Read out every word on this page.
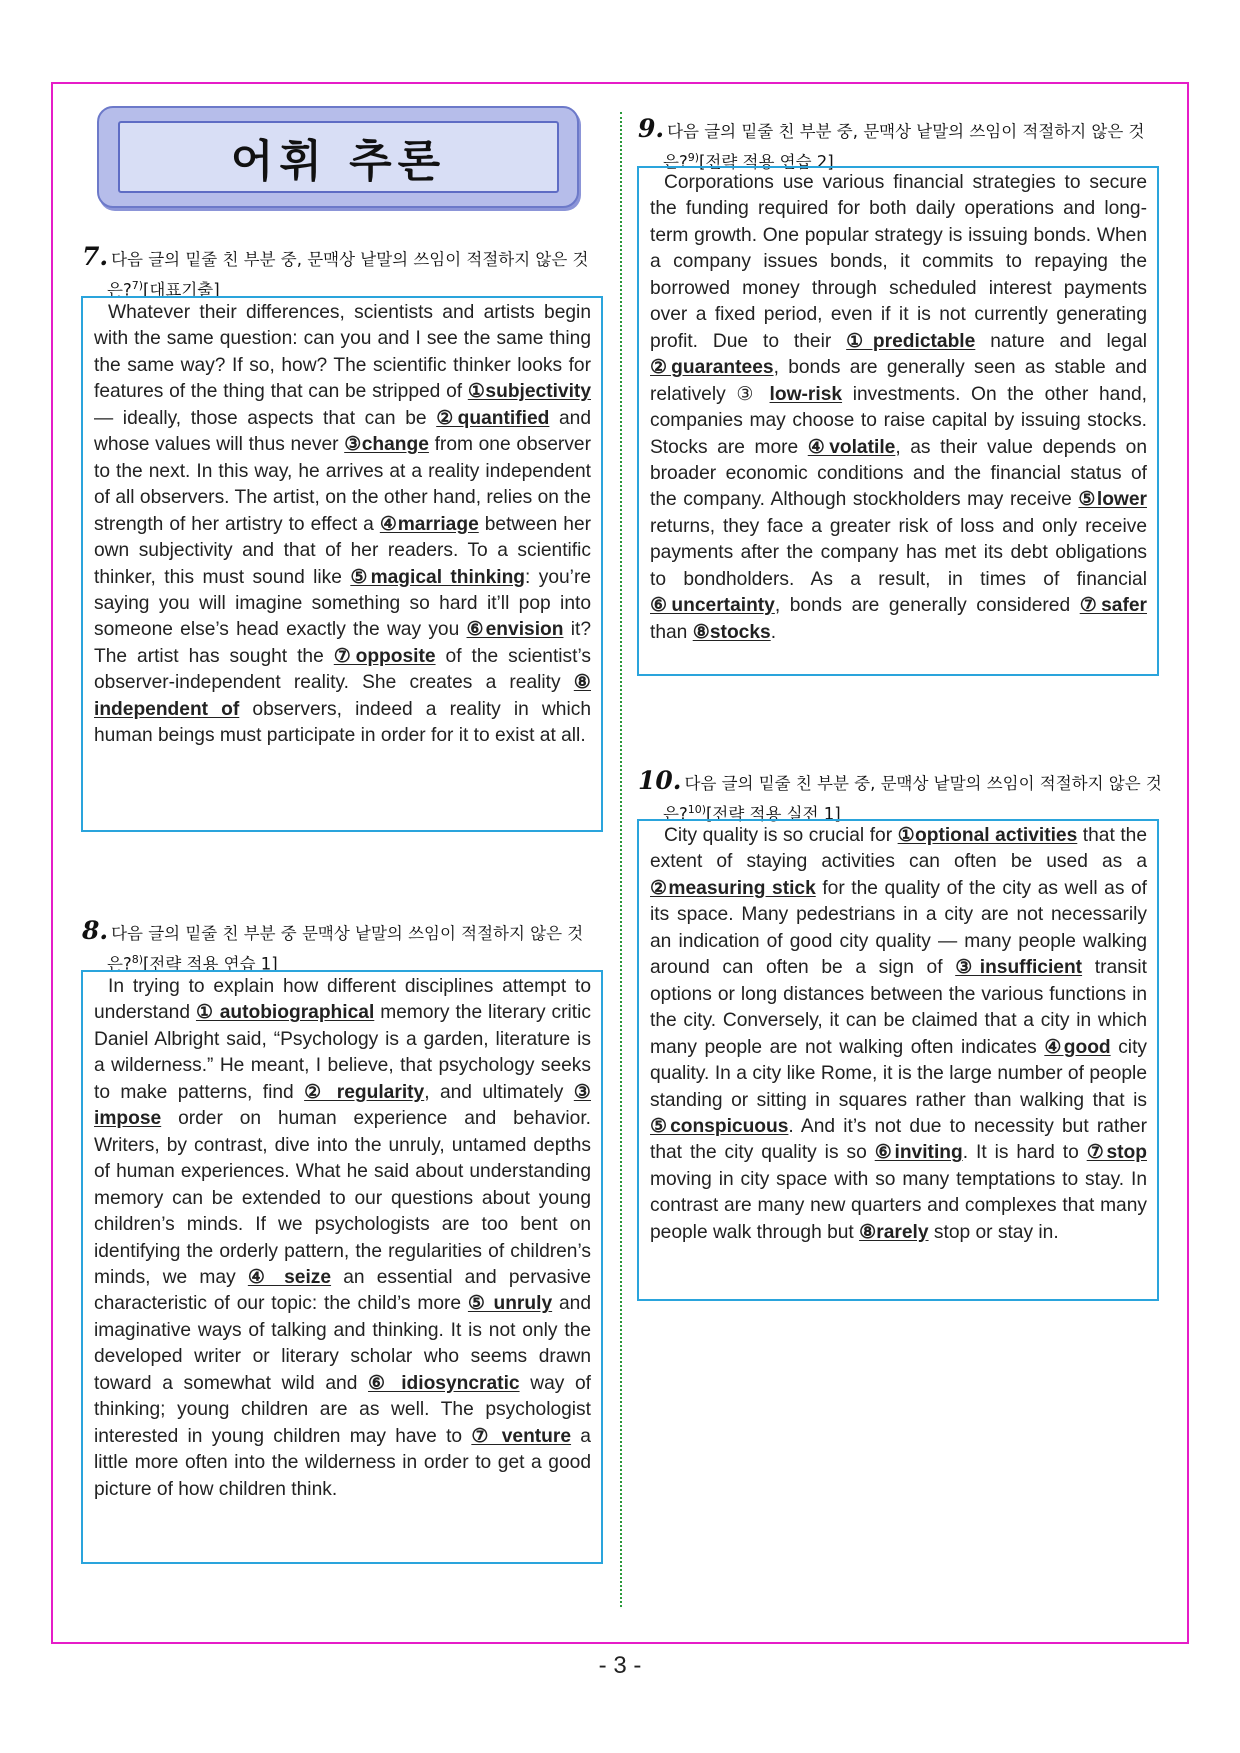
어휘 추론
7. 다음 글의 밑줄 친 부분 중, 문맥상 낱말의 쓰임이 적절하지 않은 것
은?$^{7)}$[대표기출]

Whatever their differences, scientists and artists begin with the same question: can you and I see the same thing the same way? If so, how? The scientific thinker looks for features of the thing that can be stripped of ①subjectivity — ideally, those aspects that can be ②quantified and whose values will thus never ③change from one observer to the next. In this way, he arrives at a reality independent of all observers. The artist, on the other hand, relies on the strength of her artistry to effect a ④marriage between her own subjectivity and that of her readers. To a scientific thinker, this must sound like ⑤magical thinking: you’re saying you will imagine something so hard it’ll pop into someone else’s head exactly the way you ⑥envision it? The artist has sought the ⑦opposite of the scientist’s observer-independent reality. She creates a reality ⑧ independent of observers, indeed a reality in which human beings must participate in order for it to exist at all.

8. 다음 글의 밑줄 친 부분 중 문맥상 낱말의 쓰임이 적절하지 않은 것
은?$^{8)}$[전략 적용 연습 1]

In trying to explain how different disciplines attempt to understand ① autobiographical memory the literary critic Daniel Albright said, “Psychology is a garden, literature is a wilderness.” He meant, I believe, that psychology seeks to make patterns, find ② regularity, and ultimately ③ impose order on human experience and behavior. Writers, by contrast, dive into the unruly, untamed depths of human experiences. What he said about understanding memory can be extended to our questions about young children’s minds. If we psychologists are too bent on identifying the orderly pattern, the regularities of children’s minds, we may ④ seize an essential and pervasive characteristic of our topic: the child’s more ⑤ unruly and imaginative ways of talking and thinking. It is not only the developed writer or literary scholar who seems drawn toward a somewhat wild and ⑥ idiosyncratic way of thinking; young children are as well. The psychologist interested in young children may have to ⑦ venture a little more often into the wilderness in order to get a good picture of how children think.

9. 다음 글의 밑줄 친 부분 중, 문맥상 낱말의 쓰임이 적절하지 않은 것
은?$^{9)}$[전략 적용 연습 2]

Corporations use various financial strategies to secure the funding required for both daily operations and long-term growth. One popular strategy is issuing bonds. When a company issues bonds, it commits to repaying the borrowed money through scheduled interest payments over a fixed period, even if it is not currently generating profit. Due to their ①predictable nature and legal ②guarantees, bonds are generally seen as stable and relatively ③ low-risk investments. On the other hand, companies may choose to raise capital by issuing stocks. Stocks are more ④volatile, as their value depends on broader economic conditions and the financial status of the company. Although stockholders may receive ⑤lower returns, they face a greater risk of loss and only receive payments after the company has met its debt obligations to bondholders. As a result, in times of financial ⑥uncertainty, bonds are generally considered ⑦safer than ⑧stocks.

10. 다음 글의 밑줄 친 부분 중, 문맥상 낱말의 쓰임이 적절하지 않은 것
은?$^{10)}$[전략 적용 실전 1]

City quality is so crucial for ①optional activities that the extent of staying activities can often be used as a ②measuring stick for the quality of the city as well as of its space. Many pedestrians in a city are not necessarily an indication of good city quality — many people walking around can often be a sign of ③insufficient transit options or long distances between the various functions in the city. Conversely, it can be claimed that a city in which many people are not walking often indicates ④good city quality. In a city like Rome, it is the large number of people standing or sitting in squares rather than walking that is ⑤conspicuous. And it’s not due to necessity but rather that the city quality is so ⑥inviting. It is hard to ⑦stop moving in city space with so many temptations to stay. In contrast are many new quarters and complexes that many people walk through but ⑧rarely stop or stay in.

- 3 -
